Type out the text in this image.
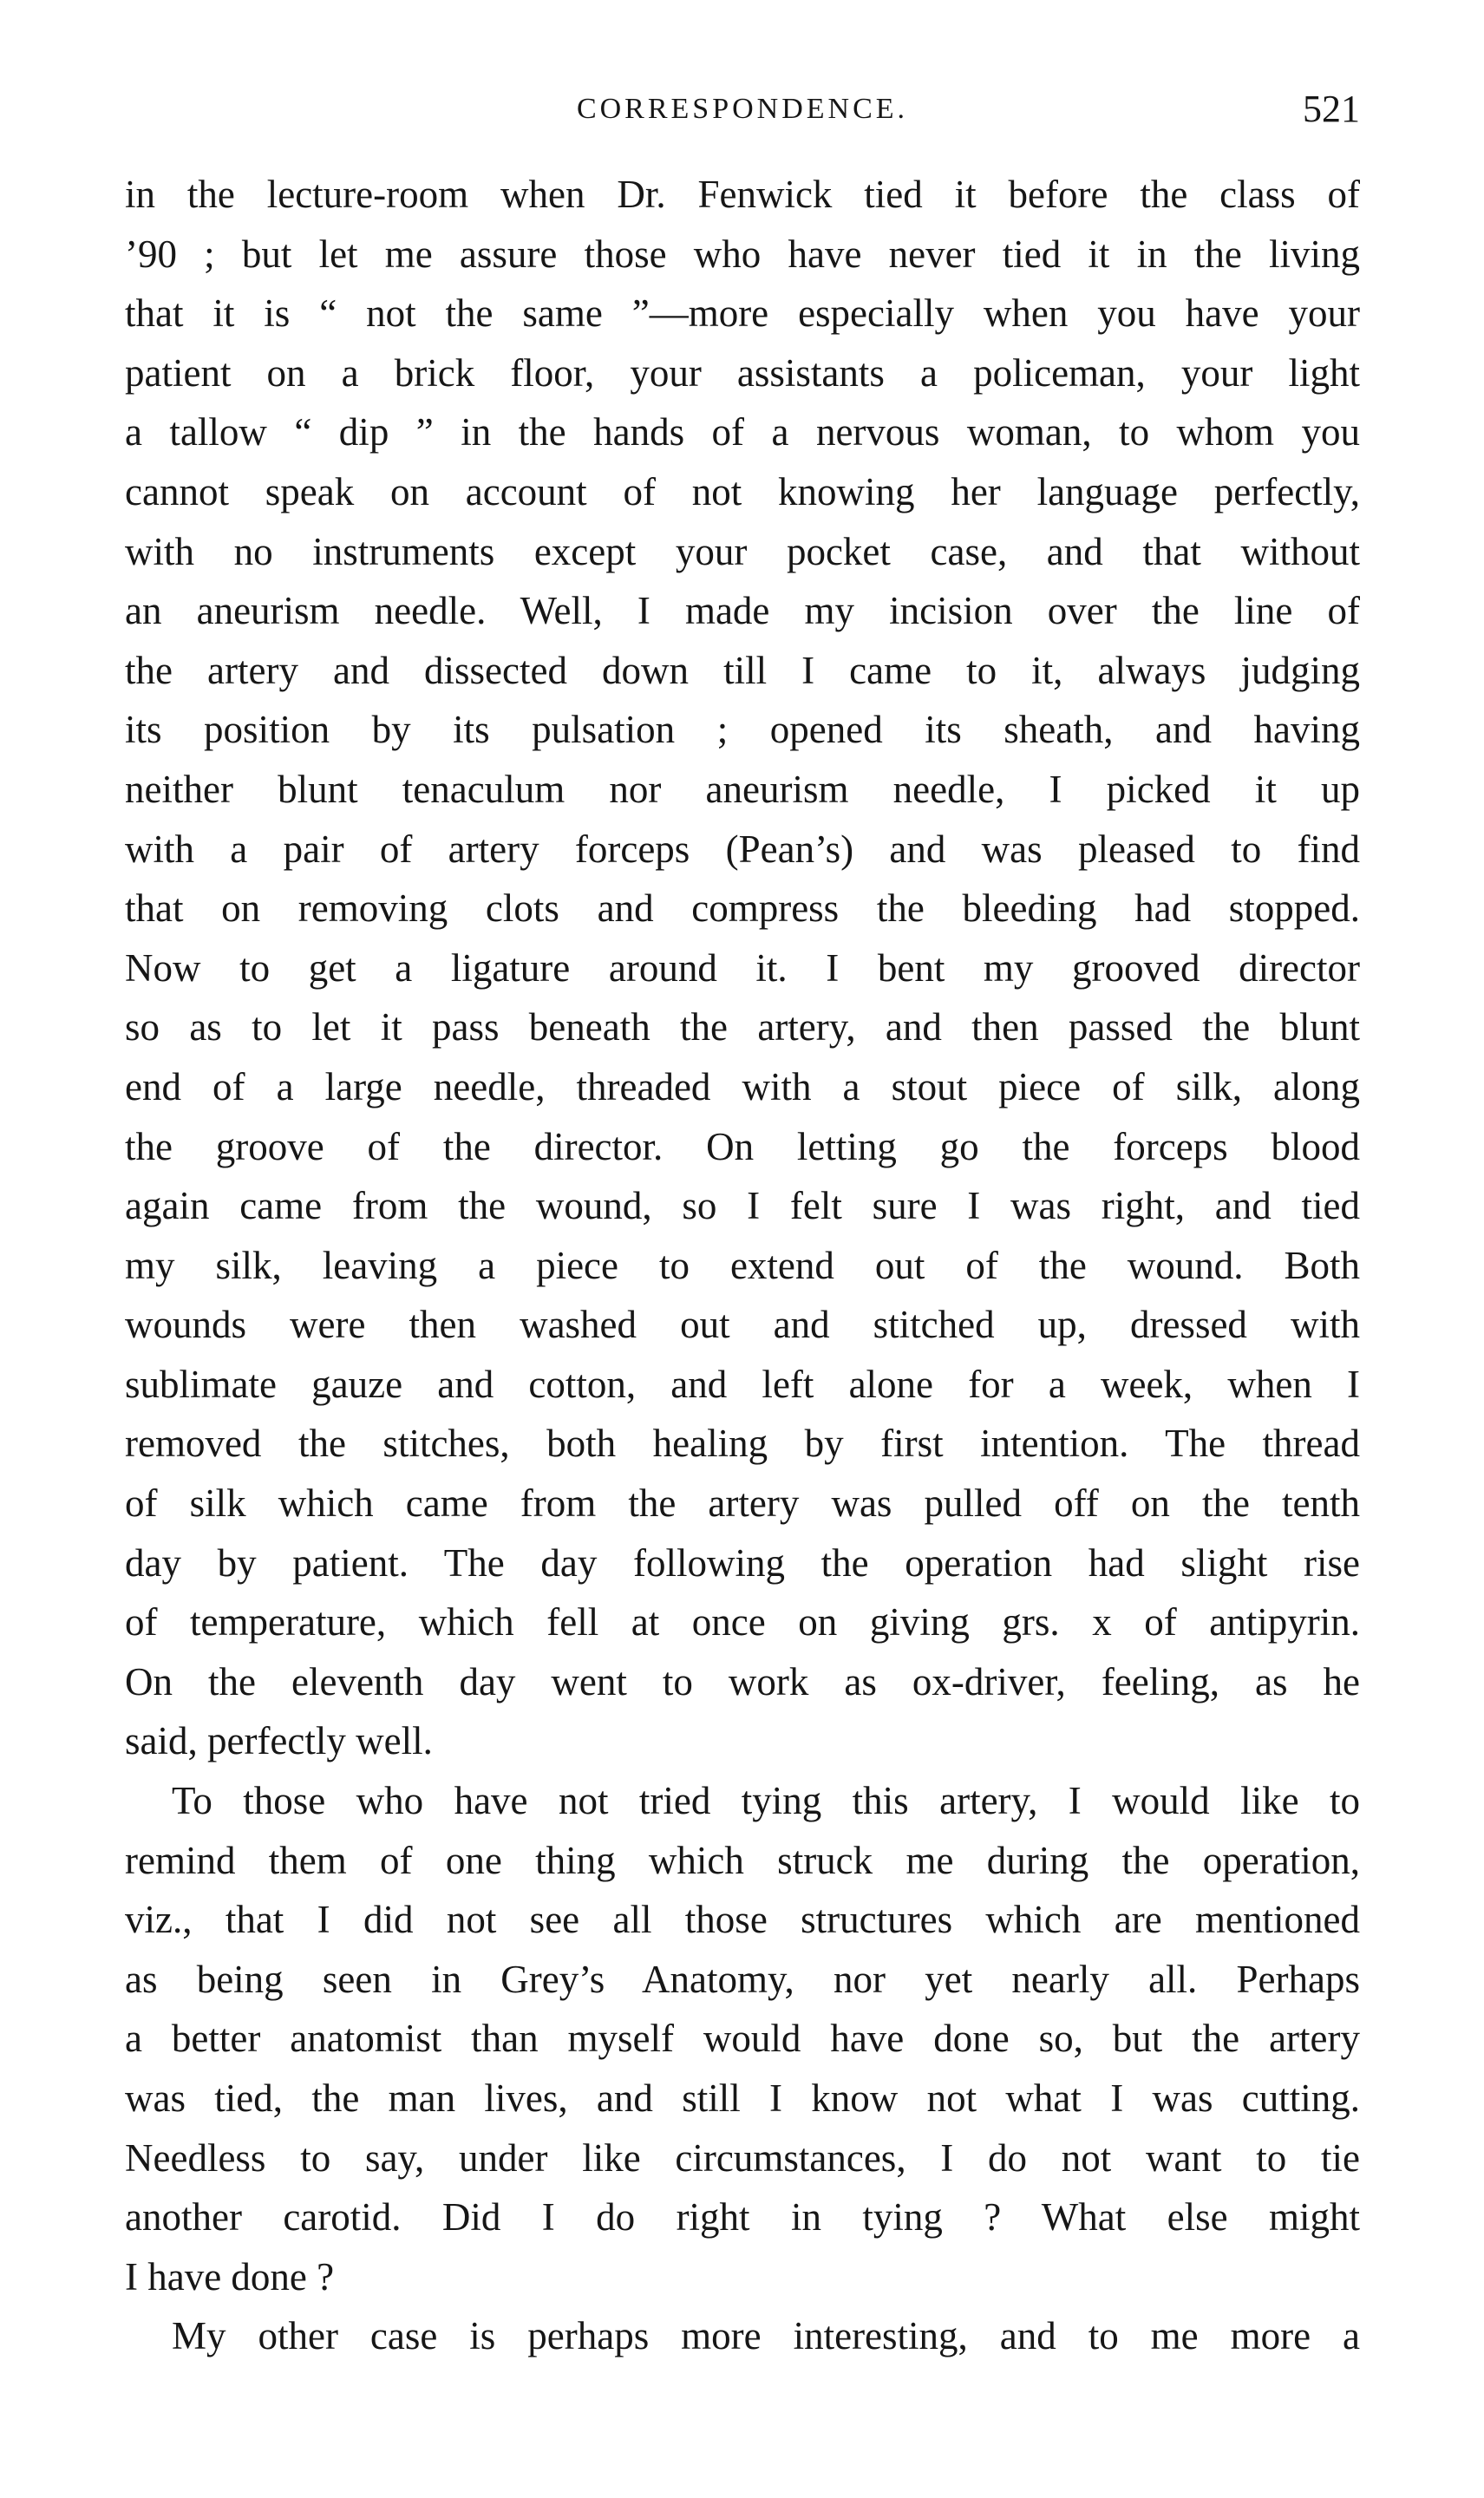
CORRESPONDENCE.	521
in the lecture-room when Dr. Fenwick tied it before the class of
’90 ; but let me assure those who have never tied it in the living
that it is “ not the same ”—more especially when you have your
patient on a brick floor, your assistants a policeman, your light
a tallow “ dip ” in the hands of a nervous woman, to whom you
cannot speak on account of not knowing her language perfectly,
with no instruments except your pocket case, and that without
an aneurism needle. Well, I made my incision over the line of
the artery and dissected down till I came to it, always judging
its position by its pulsation ; opened its sheath, and having
neither blunt tenaculum nor aneurism needle, I picked it up
with a pair of artery forceps (Pean’s) and was pleased to find
that on removing clots and compress the bleeding had stopped.
Now to get a ligature around it. I bent my grooved director
so as to let it pass beneath the artery, and then passed the blunt
end of a large needle, threaded with a stout piece of silk, along
the groove of the director. On letting go the forceps blood
again came from the wound, so I felt sure I was right, and tied
my silk, leaving a piece to extend out of the wound. Both
wounds were then washed out and stitched up, dressed with
sublimate gauze and cotton, and left alone for a week, when I
removed the stitches, both healing by first intention. The thread
of silk which came from the artery was pulled off on the tenth
day by patient. The day following the operation had slight rise
of temperature, which fell at once on giving grs. x of antipyrin.
On the eleventh day went to work as ox-driver, feeling, as he
said, perfectly well.
To those who have not tried tying this artery, I would like to
remind them of one thing which struck me during the operation,
viz., that I did not see all those structures which are mentioned
as being seen in Grey’s Anatomy, nor yet nearly all. Perhaps
a better anatomist than myself would have done so, but the artery
was tied, the man lives, and still I know not what I was cutting.
Needless to say, under like circumstances, I do not want to tie
another carotid. Did I do right in tying ? What else might
I have done ?
My other case is perhaps more interesting, and to me more a
